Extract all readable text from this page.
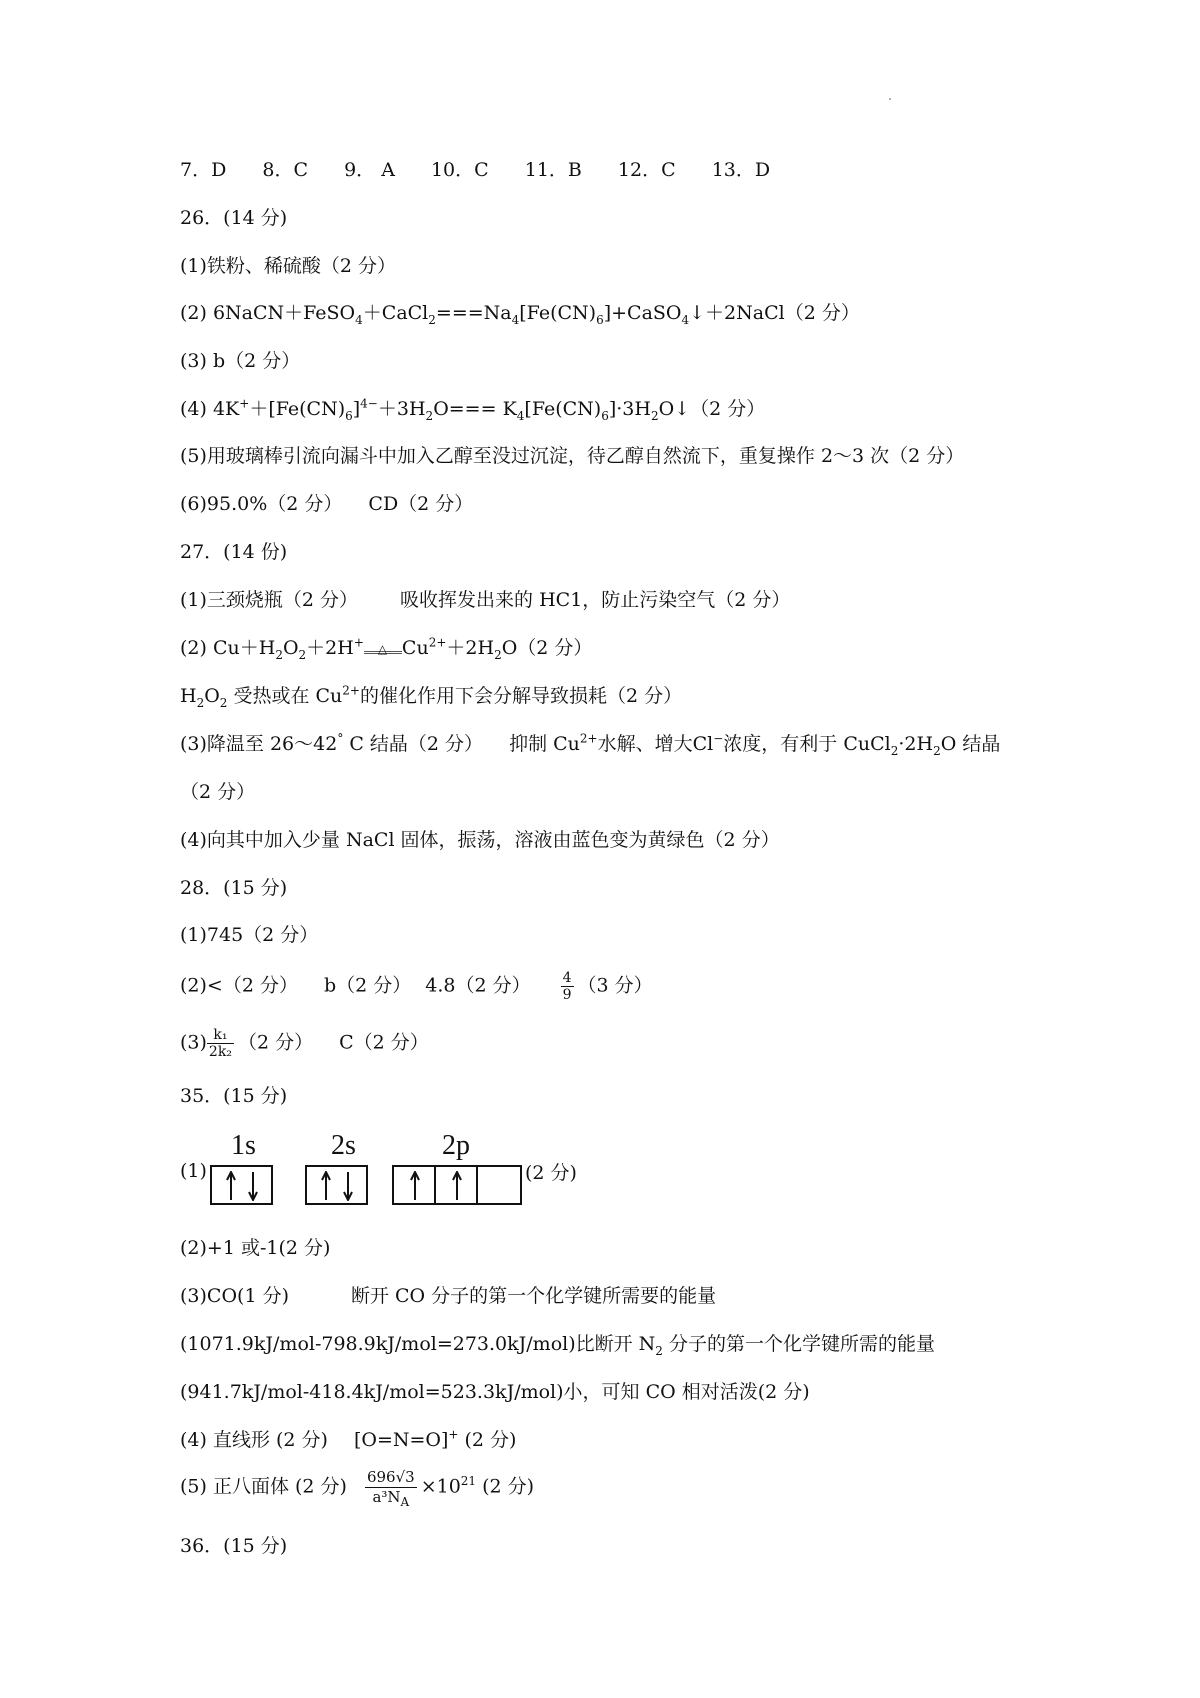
7．D 8．C 9． A 10．C 11．B 12．C 13．D
26．(14 分)
(1)铁粉、稀硫酸（2 分）
(2) $6NaCN+FeSO_4+CaCl_2===Na_4[Fe(CN)_6]+CaSO_4↓+2NaCl(2$ 分）
(3) b（2 分）
(4) $4K^++[Fe(CN)_6]^{4-}+3H_2O===$ $K_4[Fe(CN)_6]\cdot 3H_2O↓(2$ 分）
(5)用玻璃棒引流向漏斗中加入乙醇至没过沉淀，待乙醇自然流下，重复操作 2～3 次（2 分）
(6)95.0%（2 分） CD（2 分）
27．(14 份)
(1)三颈烧瓶（2 分） 吸收挥发出来的 HC1，防止污染空气（2 分）
(2) $Cu+H_2O_2+2H^+$ △ $Cu^{2+}+2H_2O(2$ 分）
$H_2O_2$ 受热或在 $Cu^{2+}$的催化作用下会分解导致损耗（2 分）
(3)降温至 26～42° C 结晶（2 分） 抑制 $Cu^{2+}$水解、增大Cl−浓度，有利于 $CuCl_2\cdot 2H_2O$ 结晶
（2 分）
(4)向其中加入少量 NaCl 固体，振荡，溶液由蓝色变为黄绿色（2 分）
28．(15 分)
(1)745（2 分）
(2)<（2 分） b（2 分） 4.8（2 分） $\frac{4}{9} (3$ 分）
$(3) \frac{\text{k₁}}{\text{2k₂}} (2$ 分） C（2 分）
35．(15 分)
(1)
1s	2s	2p
(2 分)
(2)+1 或-1(2 分)
(3)CO(1 分)	断开 CO 分子的第一个化学键所需要的能量
(1071.9kJ/mol-798.9kJ/mol=273.0kJ/mol)比断开 $N_2$ 分子的第一个化学键所需的能量
(941.7kJ/mol-418.4kJ/mol=523.3kJ/mol)小，可知 CO 相对活泼(2 分)
(4) 直线形 (2 分) [O=N=O]+ (2 分)
(5) 正八面体 (2 分) $\frac{696√3}{a^3N_A} \times 10^{21}$ (2 分)
36．(15 分)
